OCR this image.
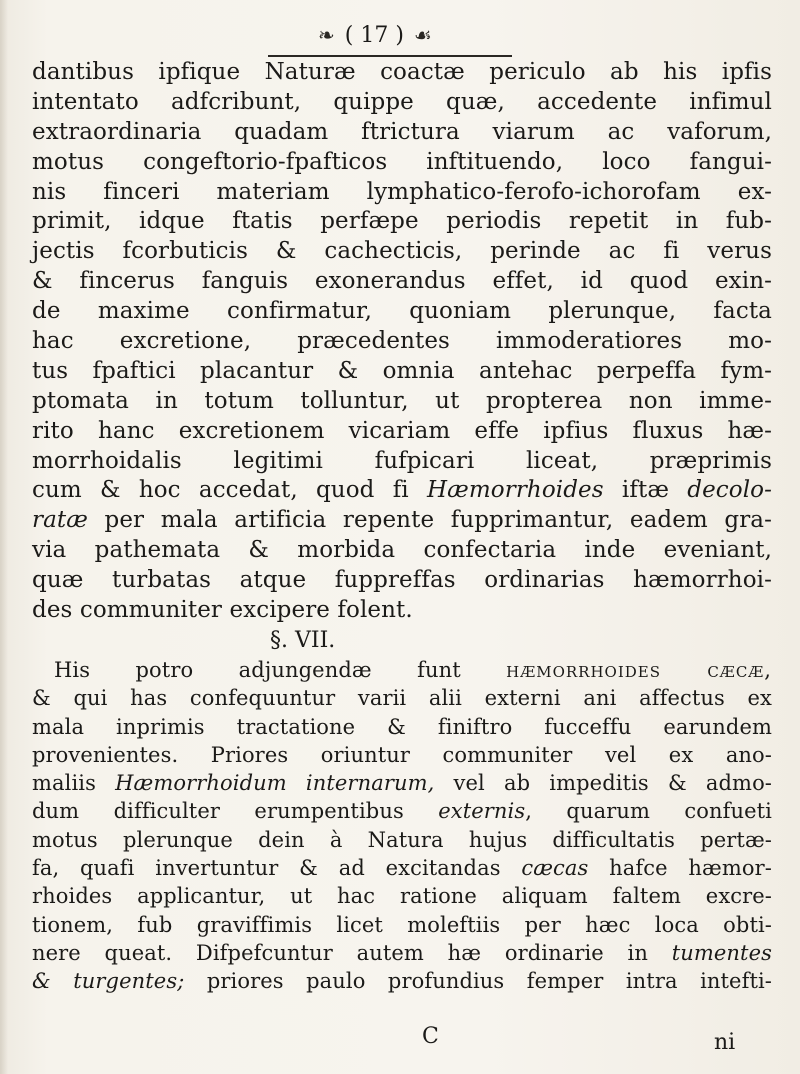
❧ ( 17 ) ☙
dantibus ipfique Naturæ coactæ periculo ab his ipfis
intentato adfcribunt, quippe quæ, accedente infimul
extraordinaria quadam ftrictura viarum ac vaforum,
motus congeftorio-fpafticos inftituendo, loco fangui-
nis finceri materiam lymphatico-ferofo-ichorofam ex-
primit, idque ftatis perfæpe periodis repetit in fub-
jectis fcorbuticis & cachecticis, perinde ac fi verus
& fincerus fanguis exonerandus effet, id quod exin-
de maxime confirmatur, quoniam plerunque, facta
hac excretione, præcedentes immoderatiores mo-
tus fpaftici placantur & omnia antehac perpeffa fym-
ptomata in totum tolluntur, ut propterea non imme-
rito hanc excretionem vicariam effe ipfius fluxus hæ-
morrhoidalis legitimi fufpicari liceat, præprimis
cum & hoc accedat, quod fi Hæmorrhoides iftæ decolo-
ratæ per mala artificia repente fupprimantur, eadem gra-
via pathemata & morbida confectaria inde eveniant,
quæ turbatas atque fuppreffas ordinarias hæmorrhoi-
des communiter excipere folent.
§. VII.
His potro adjungendæ funt hæmorrhoides cæcæ,
& qui has confequuntur varii alii externi ani affectus ex
mala inprimis tractatione & finiftro fucceffu earundem
provenientes. Priores oriuntur communiter vel ex ano-
maliis Hæmorrhoidum internarum, vel ab impeditis & admo-
dum difficulter erumpentibus externis, quarum confueti
motus plerunque dein à Natura hujus difficultatis pertæ-
fa, quafi invertuntur & ad excitandas cæcas hafce hæmor-
rhoides applicantur, ut hac ratione aliquam faltem excre-
tionem, fub graviffimis licet moleftiis per hæc loca obti-
nere queat. Difpefcuntur autem hæ ordinarie in tumentes
& turgentes; priores paulo profundius femper intra intefti-
C	ni
